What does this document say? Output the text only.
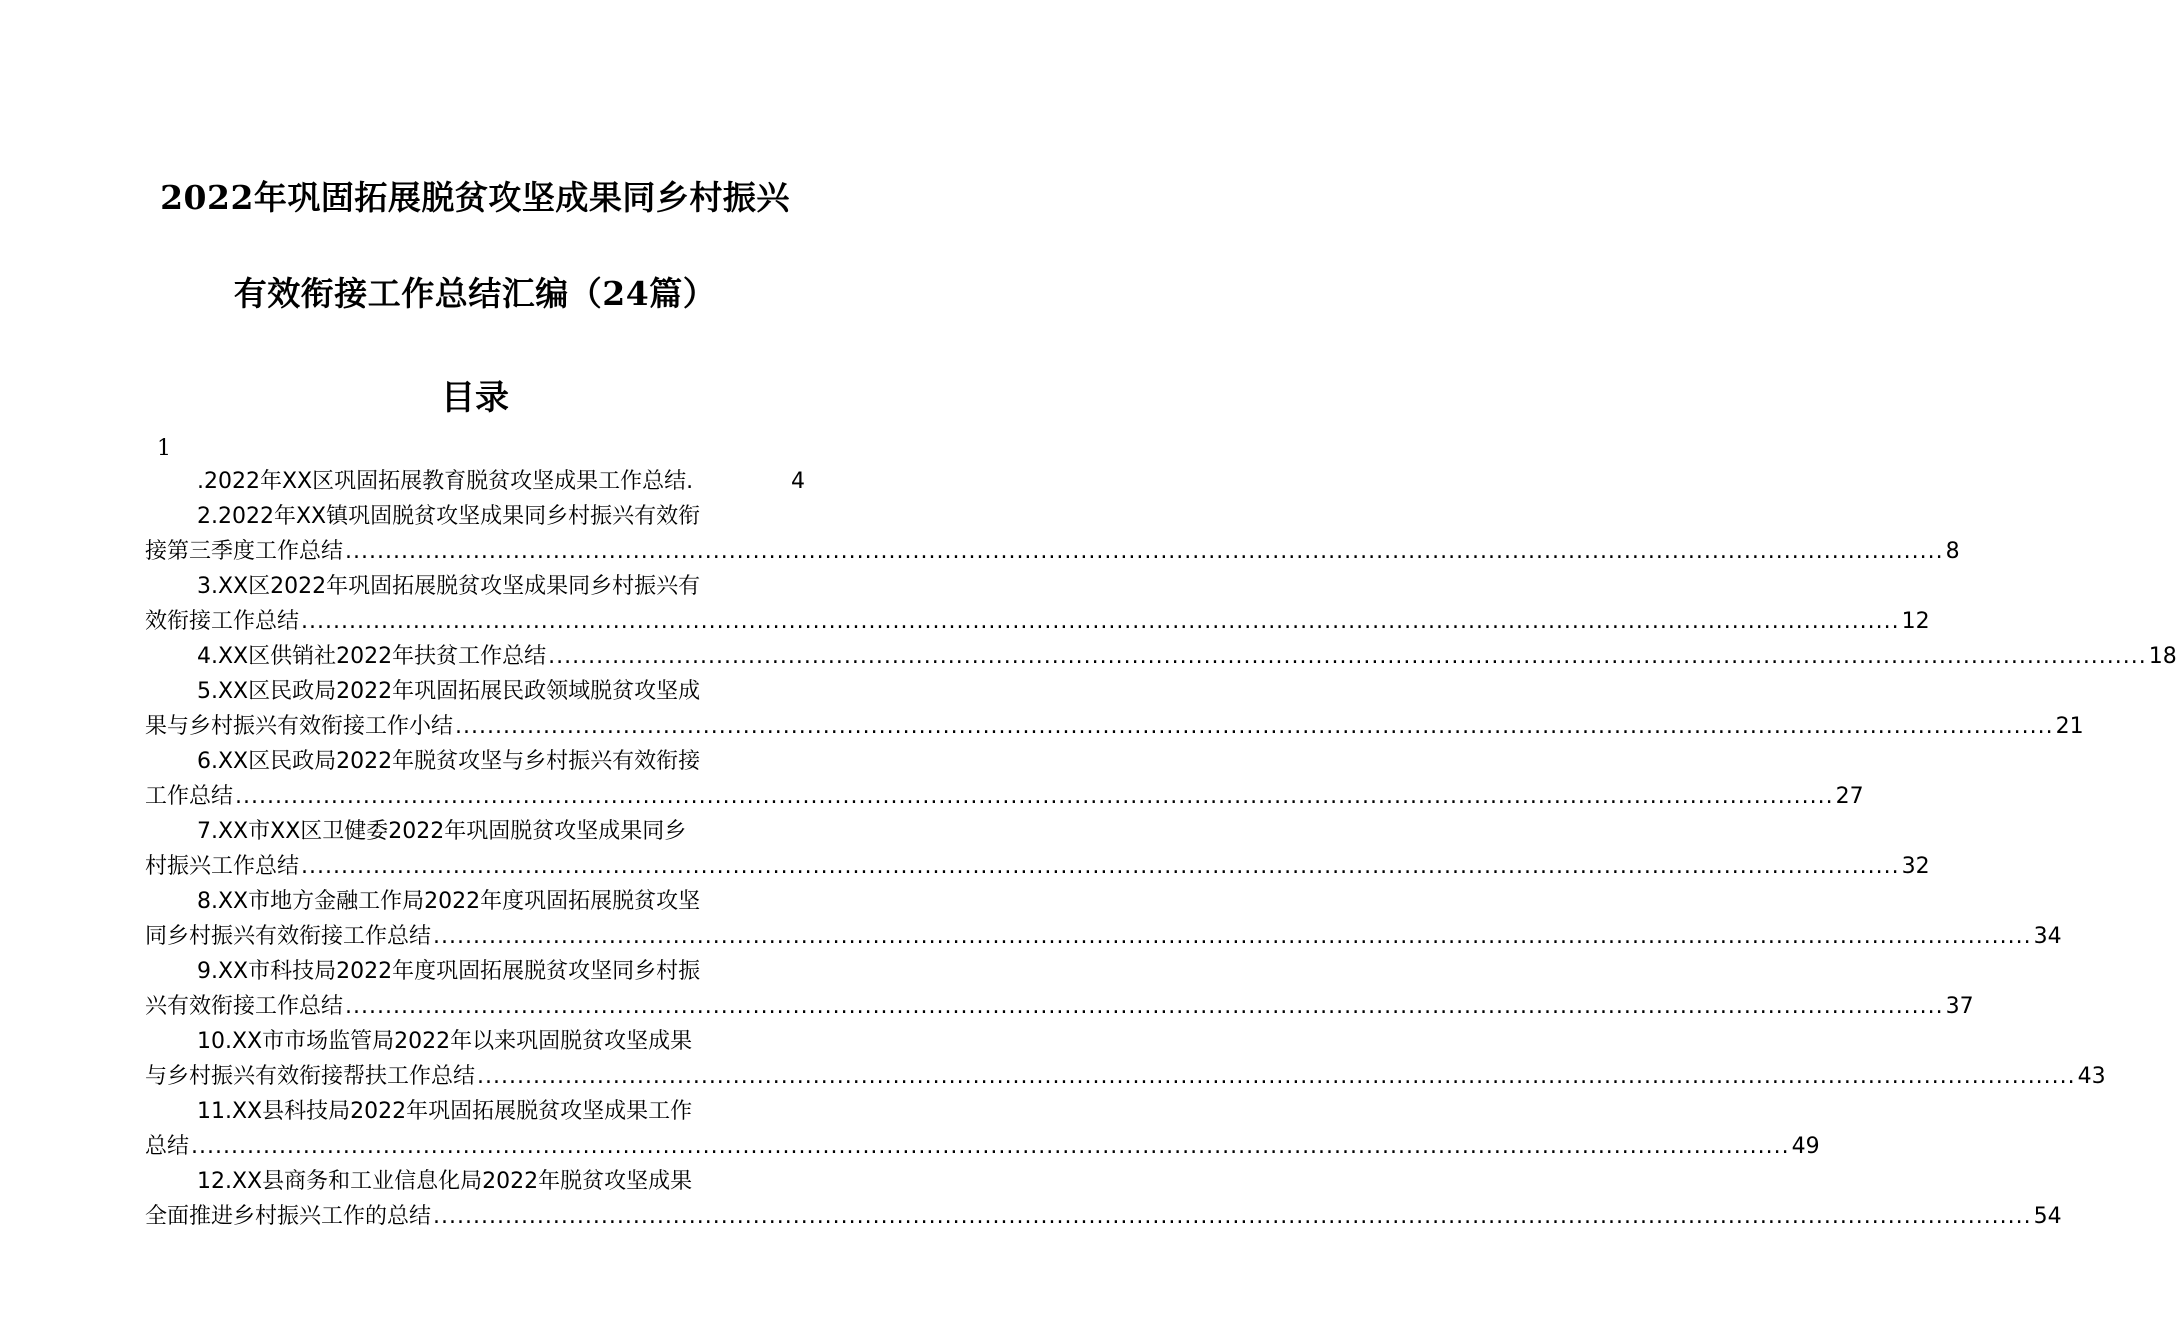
2022年巩固拓展脱贫攻坚成果同乡村振兴
有效衔接工作总结汇编（24篇）
目录
1
.2022年XX区巩固拓展教育脱贫攻坚成果工作总结.	4
2.2022年XX镇巩固脱贫攻坚成果同乡村振兴有效衔
接第三季度工作总结 ........................................................................................................................................................................................................ 8
3.XX区2022年巩固拓展脱贫攻坚成果同乡村振兴有
效衔接工作总结 ........................................................................................................................................................................................................ 12
4.XX区供销社2022年扶贫工作总结 ........................................................................................................................................................................................................ 18
5.XX区民政局2022年巩固拓展民政领域脱贫攻坚成
果与乡村振兴有效衔接工作小结 ........................................................................................................................................................................................................ 21
6.XX区民政局2022年脱贫攻坚与乡村振兴有效衔接
工作总结 ........................................................................................................................................................................................................ 27
7.XX市XX区卫健委2022年巩固脱贫攻坚成果同乡
村振兴工作总结 ........................................................................................................................................................................................................ 32
8.XX市地方金融工作局2022年度巩固拓展脱贫攻坚
同乡村振兴有效衔接工作总结 ........................................................................................................................................................................................................ 34
9.XX市科技局2022年度巩固拓展脱贫攻坚同乡村振
兴有效衔接工作总结 ........................................................................................................................................................................................................ 37
10.XX市市场监管局2022年以来巩固脱贫攻坚成果
与乡村振兴有效衔接帮扶工作总结 ........................................................................................................................................................................................................ 43
11.XX县科技局2022年巩固拓展脱贫攻坚成果工作
总结 ........................................................................................................................................................................................................ 49
12.XX县商务和工业信息化局2022年脱贫攻坚成果
全面推进乡村振兴工作的总结 ........................................................................................................................................................................................................ 54
